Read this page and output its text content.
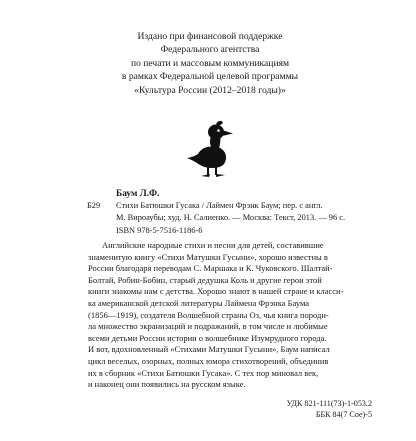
Издано при финансовой поддержке
Федерального агентства
по печати и массовым коммуникациям
в рамках Федеральной целевой программы
«Культура России (2012–2018 годы)»
Баум Л.Ф.
Б29 Стихи Батюшки Гусака / Лаймен Фрэнк Баум; пер. с англ.
М. Вироаубы; худ. Н. Салиенко. — Москва: Текст, 2013. — 96 с.
ISBN 978-5-7516-1186-6
Английские народные стихи и песни для детей, составившие
знаменитую книгу «Стихи Матушки Гусыни», хорошо известны в
России благодаря переводам С. Маршака и К. Чуковского. Шалтай-
Болтай, Робин-Бобин, старый дедушка Коль и другие герои этой
книги знакомы нам с детства. Хорошо знают в нашей стране и класси-
ка американской детской литературы Лаймена Фрэнка Баума
(1856—1919), создателя Волшебной страны Оз, чья книга породи-
ла множество экранизаций и подражаний, в том числе и любимые
всеми детьми России истории о волшебнике Изумрудного города.
И вот, вдохновленный «Стихами Матушки Гусыни», Баум написал
цикл веселых, озорных, полных юмора стихотворений, объединив
их в сборник «Стихи Батюшки Гусака». С тех пор миновал век,
и наконец они появились на русском языке.
УДК 821-111(73)-1-053.2
ББК 84(7 Сое)-5
